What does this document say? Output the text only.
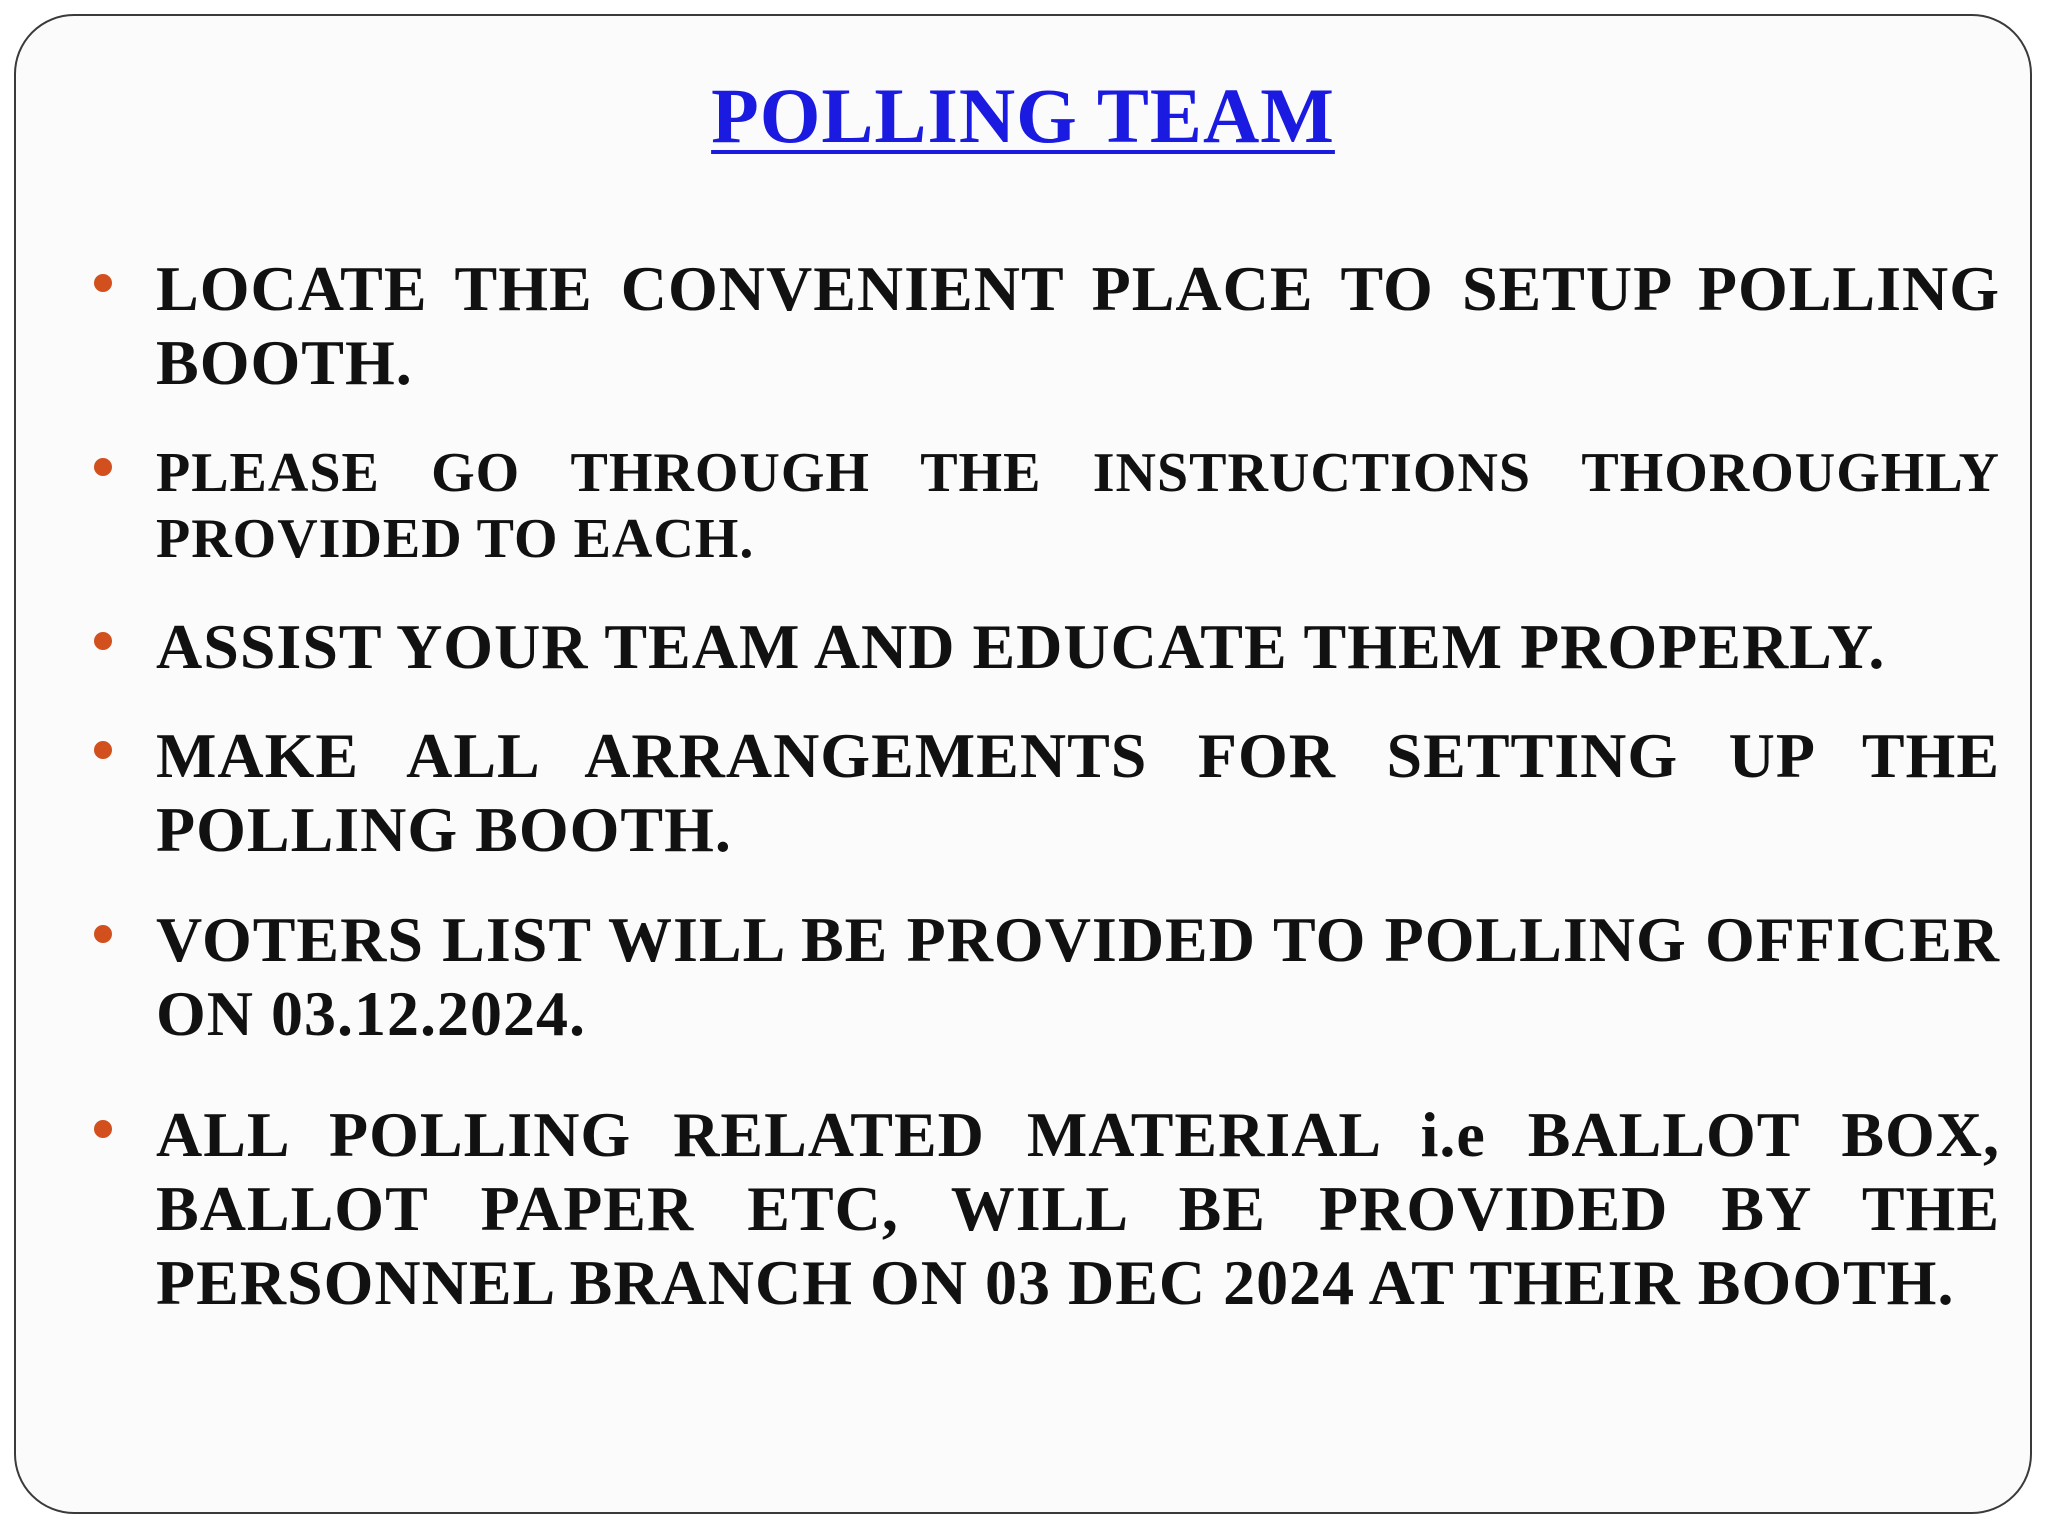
POLLING TEAM

LOCATE THE CONVENIENT PLACE TO SETUP POLLING BOOTH.

PLEASE GO THROUGH THE INSTRUCTIONS THOROUGHLY PROVIDED TO EACH.

ASSIST YOUR TEAM AND EDUCATE THEM PROPERLY.

MAKE ALL ARRANGEMENTS FOR SETTING UP THE POLLING BOOTH.

VOTERS LIST WILL BE PROVIDED TO POLLING OFFICER ON 03.12.2024.

ALL POLLING RELATED MATERIAL i.e BALLOT BOX, BALLOT PAPER ETC, WILL BE PROVIDED BY THE PERSONNEL BRANCH ON 03 DEC 2024 AT THEIR BOOTH.
